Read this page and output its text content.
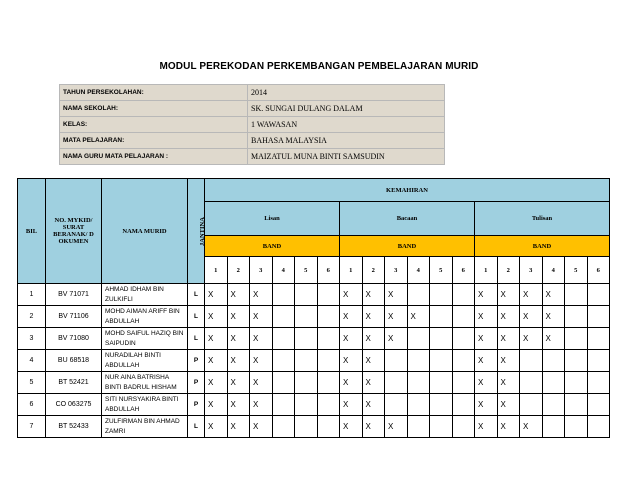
MODUL PEREKODAN PERKEMBANGAN PEMBELAJARAN MURID
TAHUN PERSEKOLAHAN:	2014
NAMA SEKOLAH:	SK. SUNGAI DULANG DALAM
KELAS:	1 WAWASAN
MATA PELAJARAN:	BAHASA MALAYSIA
NAMA GURU MATA PELAJARAN :	MAIZATUL MUNA BINTI SAMSUDIN
BIL	NO. MYKID/ SURAT BERANAK/ D OKUMEN	NAMA MURID	JANTINA	KEMAHIRAN																	
				Lisan						Bacaan						Tulisan					
				BAND						BAND						BAND					
				1	2	3	4	5	6	1	2	3	4	5	6	1	2	3	4	5	6
1	BV 71071	AHMAD IDHAM BIN ZULKIFLI	L	X	X	X				X	X	X				X	X	X	X		
2	BV 71106	MOHD AIMAN ARIFF BIN ABDULLAH	L	X	X	X				X	X	X	X			X	X	X	X		
3	BV 71080	MOHD SAIFUL HAZIQ BIN SAIPUDIN	L	X	X	X				X	X	X				X	X	X	X		
4	BU 68518	NURADILAH BINTI ABDULLAH	P	X	X	X				X	X					X	X				
5	BT 52421	NUR AINA BATRISHA BINTI BADRUL HISHAM	P	X	X	X				X	X					X	X				
6	CO 063275	SITI NURSYAKIRA BINTI ABDULLAH	P	X	X	X				X	X					X	X				
7	BT 52433	ZULFIRMAN BIN AHMAD ZAMRI	L	X	X	X				X	X	X				X	X	X			
